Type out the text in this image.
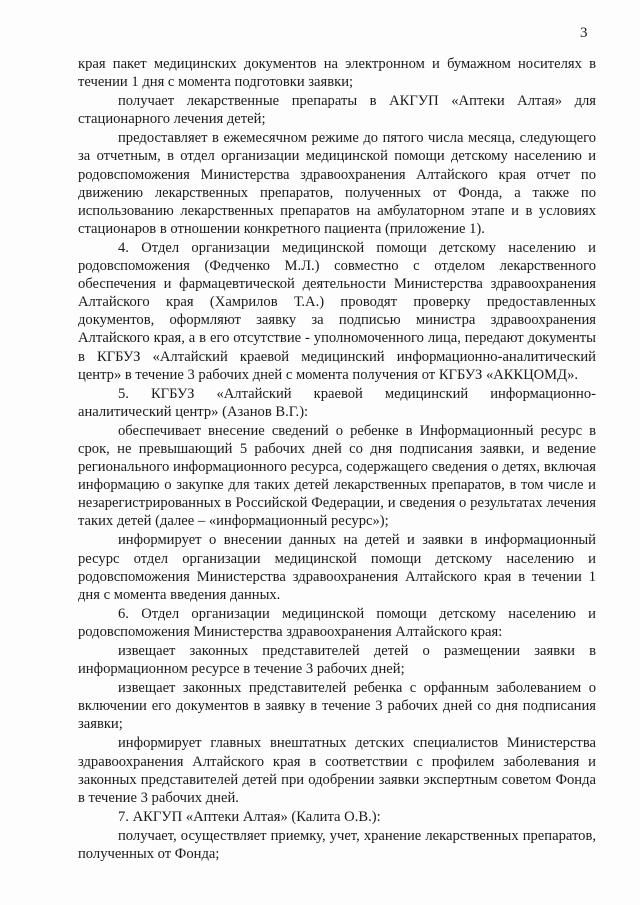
3

края пакет медицинских документов на электронном и бумажном носителях в течении 1 дня с момента подготовки заявки;

получает лекарственные препараты в АКГУП «Аптеки Алтая» для стационарного лечения детей;

предоставляет в ежемесячном режиме до пятого числа месяца, следующего за отчетным, в отдел организации медицинской помощи детскому населению и родовспоможения Министерства здравоохранения Алтайского края отчет по движению лекарственных препаратов, полученных от Фонда, а также по использованию лекарственных препаратов на амбулаторном этапе и в условиях стационаров в отношении конкретного пациента (приложение 1).

4. Отдел организации медицинской помощи детскому населению и родовспоможения (Федченко М.Л.) совместно с отделом лекарственного обеспечения и фармацевтической деятельности Министерства здравоохранения Алтайского края (Хамрилов Т.А.) проводят проверку предоставленных документов, оформляют заявку за подписью министра здравоохранения Алтайского края, а в его отсутствие - уполномоченного лица, передают документы в КГБУЗ «Алтайский краевой медицинский информационно-аналитический центр» в течение 3 рабочих дней с момента получения от КГБУЗ «АККЦОМД».

5. КГБУЗ «Алтайский краевой медицинский информационно-аналитический центр» (Азанов В.Г.):

обеспечивает внесение сведений о ребенке в Информационный ресурс в срок, не превышающий 5 рабочих дней со дня подписания заявки, и ведение регионального информационного ресурса, содержащего сведения о детях, включая информацию о закупке для таких детей лекарственных препаратов, в том числе и незарегистрированных в Российской Федерации, и сведения о результатах лечения таких детей (далее – «информационный ресурс»);

информирует о внесении данных на детей и заявки в информационный ресурс отдел организации медицинской помощи детскому населению и родовспоможения Министерства здравоохранения Алтайского края в течении 1 дня с момента введения данных.

6. Отдел организации медицинской помощи детскому населению и родовспоможения Министерства здравоохранения Алтайского края:

извещает законных представителей детей о размещении заявки в информационном ресурсе в течение 3 рабочих дней;

извещает законных представителей ребенка с орфанным заболеванием о включении его документов в заявку в течение 3 рабочих дней со дня подписания заявки;

информирует главных внештатных детских специалистов Министерства здравоохранения Алтайского края в соответствии с профилем заболевания и законных представителей детей при одобрении заявки экспертным советом Фонда в течение 3 рабочих дней.

7. АКГУП «Аптеки Алтая» (Калита О.В.):

получает, осуществляет приемку, учет, хранение лекарственных препаратов, полученных от Фонда;
